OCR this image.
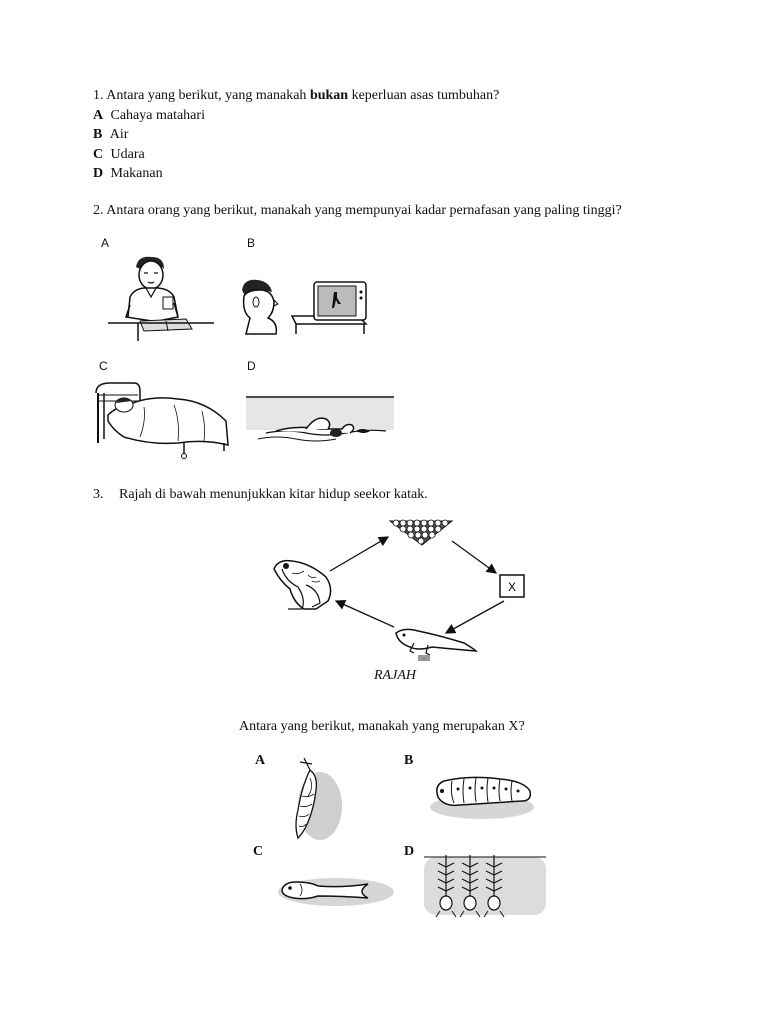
1. Antara yang berikut, yang manakah bukan keperluan asas tumbuhan?
A Cahaya matahari
B Air
C Udara
D Makanan
2. Antara orang yang berikut, manakah yang mempunyai kadar pernafasan yang paling tinggi?
A	B
C	D
3. Rajah di bawah menunjukkan kitar hidup seekor katak.
X
RAJAH
Antara yang berikut, manakah yang merupakan X?
A	B
C	D
